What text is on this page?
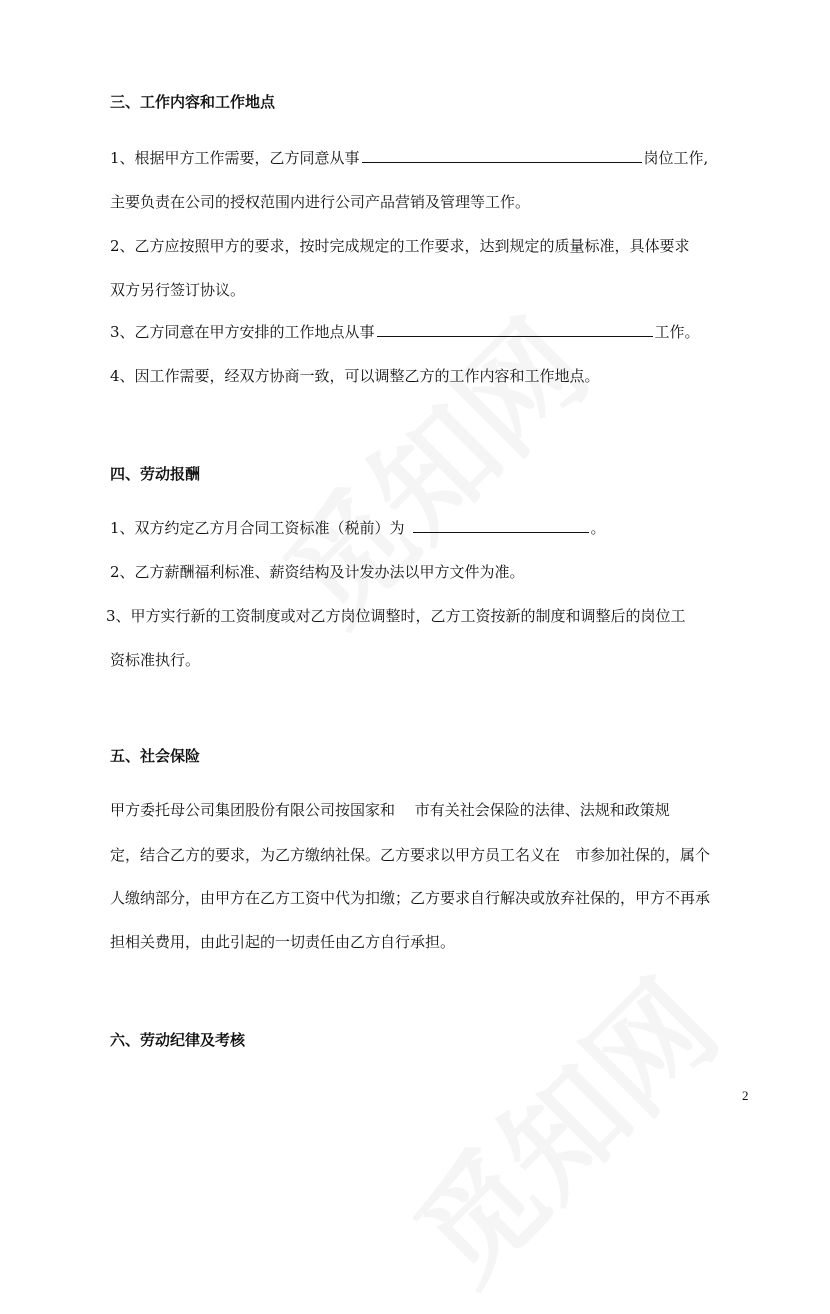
三、工作内容和工作地点
1、根据甲方工作需要，乙方同意从事	岗位工作,
主要负责在公司的授权范围内进行公司产品营销及管理等工作。
2、乙方应按照甲方的要求，按时完成规定的工作要求，达到规定的质量标准，具体要求
双方另行签订协议。
3、乙方同意在甲方安排的工作地点从事	工作。
4、因工作需要，经双方协商一致，可以调整乙方的工作内容和工作地点。
四、劳动报酬
1、双方约定乙方月合同工资标准（税前）为	。
2、乙方薪酬福利标准、薪资结构及计发办法以甲方文件为准。
3、甲方实行新的工资制度或对乙方岗位调整时，乙方工资按新的制度和调整后的岗位工
资标准执行。
五、社会保险
甲方委托母公司集团股份有限公司按国家和　 市有关社会保险的法律、法规和政策规
定，结合乙方的要求，为乙方缴纳社保。乙方要求以甲方员工名义在　市参加社保的，属个
人缴纳部分，由甲方在乙方工资中代为扣缴；乙方要求自行解决或放弃社保的，甲方不再承
担相关费用，由此引起的一切责任由乙方自行承担。
六、劳动纪律及考核
2
